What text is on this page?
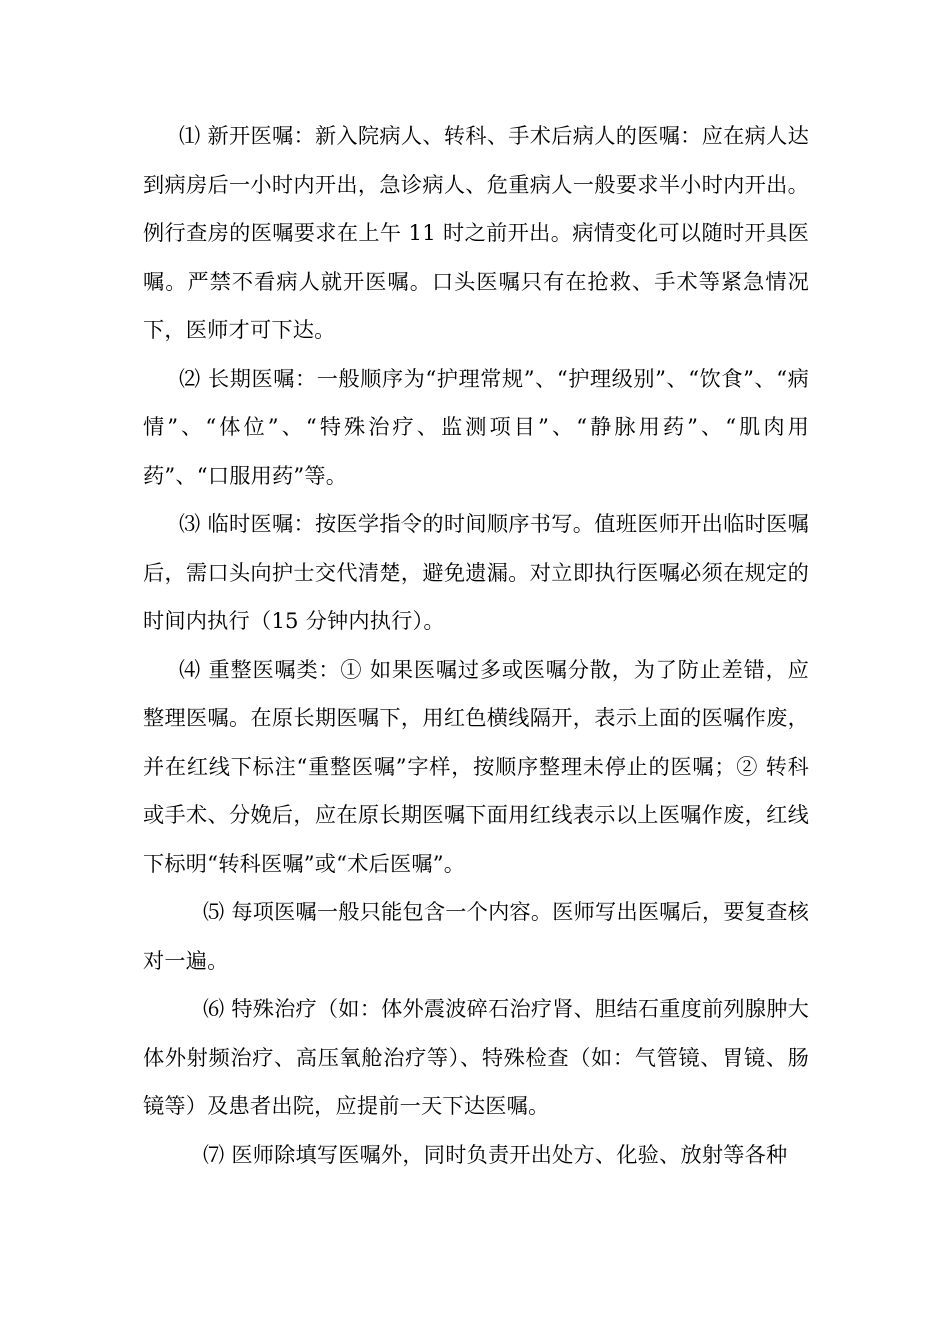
⑴ 新开医嘱：新入院病人、转科、手术后病人的医嘱：应在病人达到病房后一小时内开出，急诊病人、危重病人一般要求半小时内开出。例行查房的医嘱要求在上午 11 时之前开出。病情变化可以随时开具医嘱。严禁不看病人就开医嘱。口头医嘱只有在抢救、手术等紧急情况下，医师才可下达。

⑵ 长期医嘱：一般顺序为“护理常规”、“护理级别”、“饮食”、“病情”、“体位”、“特殊治疗、监测项目”、“静脉用药”、“肌肉用药”、“口服用药”等。

⑶ 临时医嘱：按医学指令的时间顺序书写。值班医师开出临时医嘱后，需口头向护士交代清楚，避免遗漏。对立即执行医嘱必须在规定的时间内执行（15 分钟内执行）。

⑷ 重整医嘱类：① 如果医嘱过多或医嘱分散，为了防止差错，应整理医嘱。在原长期医嘱下，用红色横线隔开，表示上面的医嘱作废，并在红线下标注“重整医嘱”字样，按顺序整理未停止的医嘱；② 转科或手术、分娩后，应在原长期医嘱下面用红线表示以上医嘱作废，红线下标明“转科医嘱”或“术后医嘱”。

⑸ 每项医嘱一般只能包含一个内容。医师写出医嘱后，要复查核对一遍。

⑹ 特殊治疗（如：体外震波碎石治疗肾、胆结石重度前列腺肿大体外射频治疗、高压氧舱治疗等）、特殊检查（如：气管镜、胃镜、肠镜等）及患者出院，应提前一天下达医嘱。

⑺ 医师除填写医嘱外，同时负责开出处方、化验、放射等各种
